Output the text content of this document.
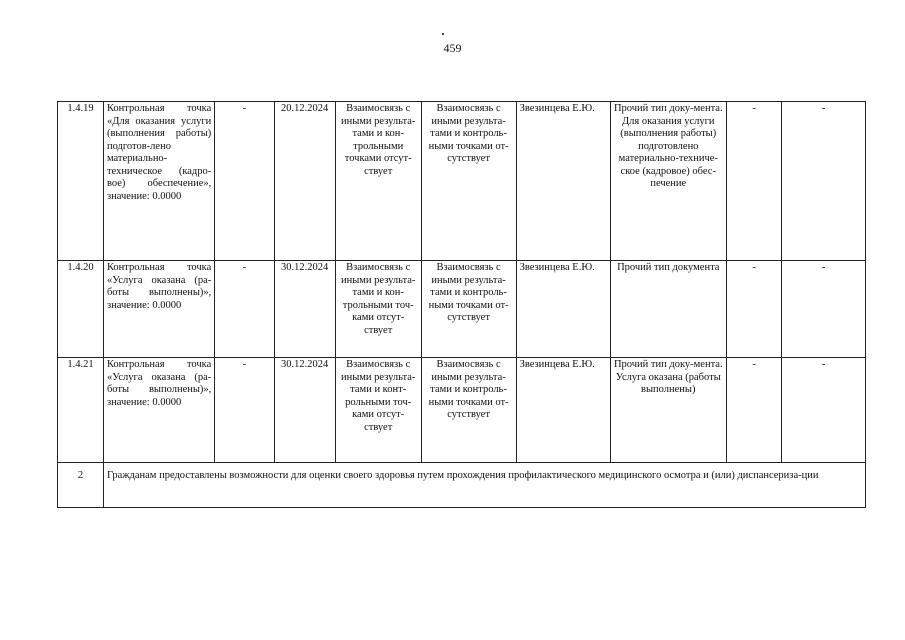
459
1.4.19	Контрольная точка «Для оказания услуги (выполнения работы) подготов-лено материально-техническое (кадро-вое) обеспечение», значение: 0.0000	-	20.12.2024	Взаимосвязь с иными результа-тами и кон-трольными точками отсут-ствует	Взаимосвязь с иными результа-тами и контроль-ными точками от-сутствует	Звезинцева Е.Ю.	Прочий тип доку-мента. Для оказания услуги (выполнения работы) подготовлено материально-техниче-ское (кадровое) обес-печение	-	-
1.4.20	Контрольная точка «Услуга оказана (ра-боты выполнены)», значение: 0.0000	-	30.12.2024	Взаимосвязь с иными результа-тами и кон-трольными точ-ками отсут-ствует	Взаимосвязь с иными результа-тами и контроль-ными точками от-сутствует	Звезинцева Е.Ю.	Прочий тип документа	-	-
1.4.21	Контрольная точка «Услуга оказана (ра-боты выполнены)», значение: 0.0000	-	30.12.2024	Взаимосвязь с иными результа-тами и конт-рольными точ-ками отсут-ствует	Взаимосвязь с иными результа-тами и контроль-ными точками от-сутствует	Звезинцева Е.Ю.	Прочий тип доку-мента. Услуга оказана (работы выполнены)	-	-
2	Гражданам предоставлены возможности для оценки своего здоровья путем прохождения профилактического медицинского осмотра и (или) диспансериза-ции								
